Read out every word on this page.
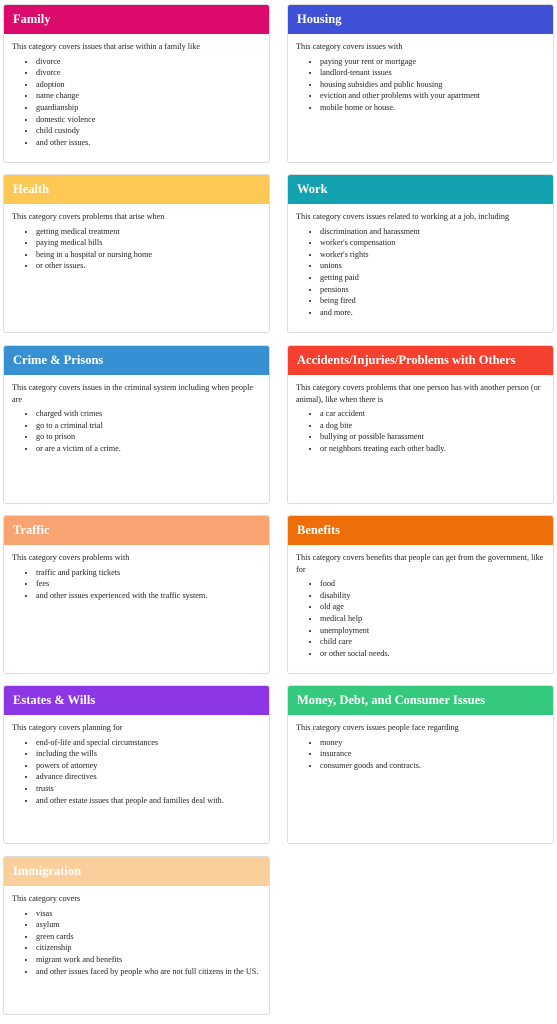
Family

This category covers issues that arise within a family like

• divorce
• divorce
• adoption
• name change
• guardianship
• domestic violence
• child custody
• and other issues.
Housing

This category covers issues with

• paying your rent or mortgage
• landlord-tenant issues
• housing subsidies and public housing
• eviction and other problems with your apartment
• mobile home or house.
Health

This category covers problems that arise when

• getting medical treatment
• paying medical bills
• being in a hospital or nursing home
• or other issues.
Work

This category covers issues related to working at a job, including

• discrimination and harassment
• worker's compensation
• worker's rights
• unions
• getting paid
• pensions
• being fired
• and more.
Crime & Prisons

This category covers issues in the criminal system including when people are

• charged with crimes
• go to a criminal trial
• go to prison
• or are a victim of a crime.
Accidents/Injuries/Problems with Others

This category covers problems that one person has with another person (or animal), like when there is

• a car accident
• a dog bite
• bullying or possible harassment
• or neighbors treating each other badly.
Traffic

This category covers problems with

• traffic and parking tickets
• fees
• and other issues experienced with the traffic system.
Benefits

This category covers benefits that people can get from the government, like for

• food
• disability
• old age
• medical help
• unemployment
• child care
• or other social needs.
Estates & Wills

This category covers planning for

• end-of-life and special circumstances
• including the wills
• powers of attorney
• advance directives
• trusts
• and other estate issues that people and families deal with.
Money, Debt, and Consumer Issues

This category covers issues people face regarding

• money
• insurance
• consumer goods and contracts.
Immigration

This category covers

• visas
• asylum
• green cards
• citizenship
• migrant work and benefits
• and other issues faced by people who are not full citizens in the US.
